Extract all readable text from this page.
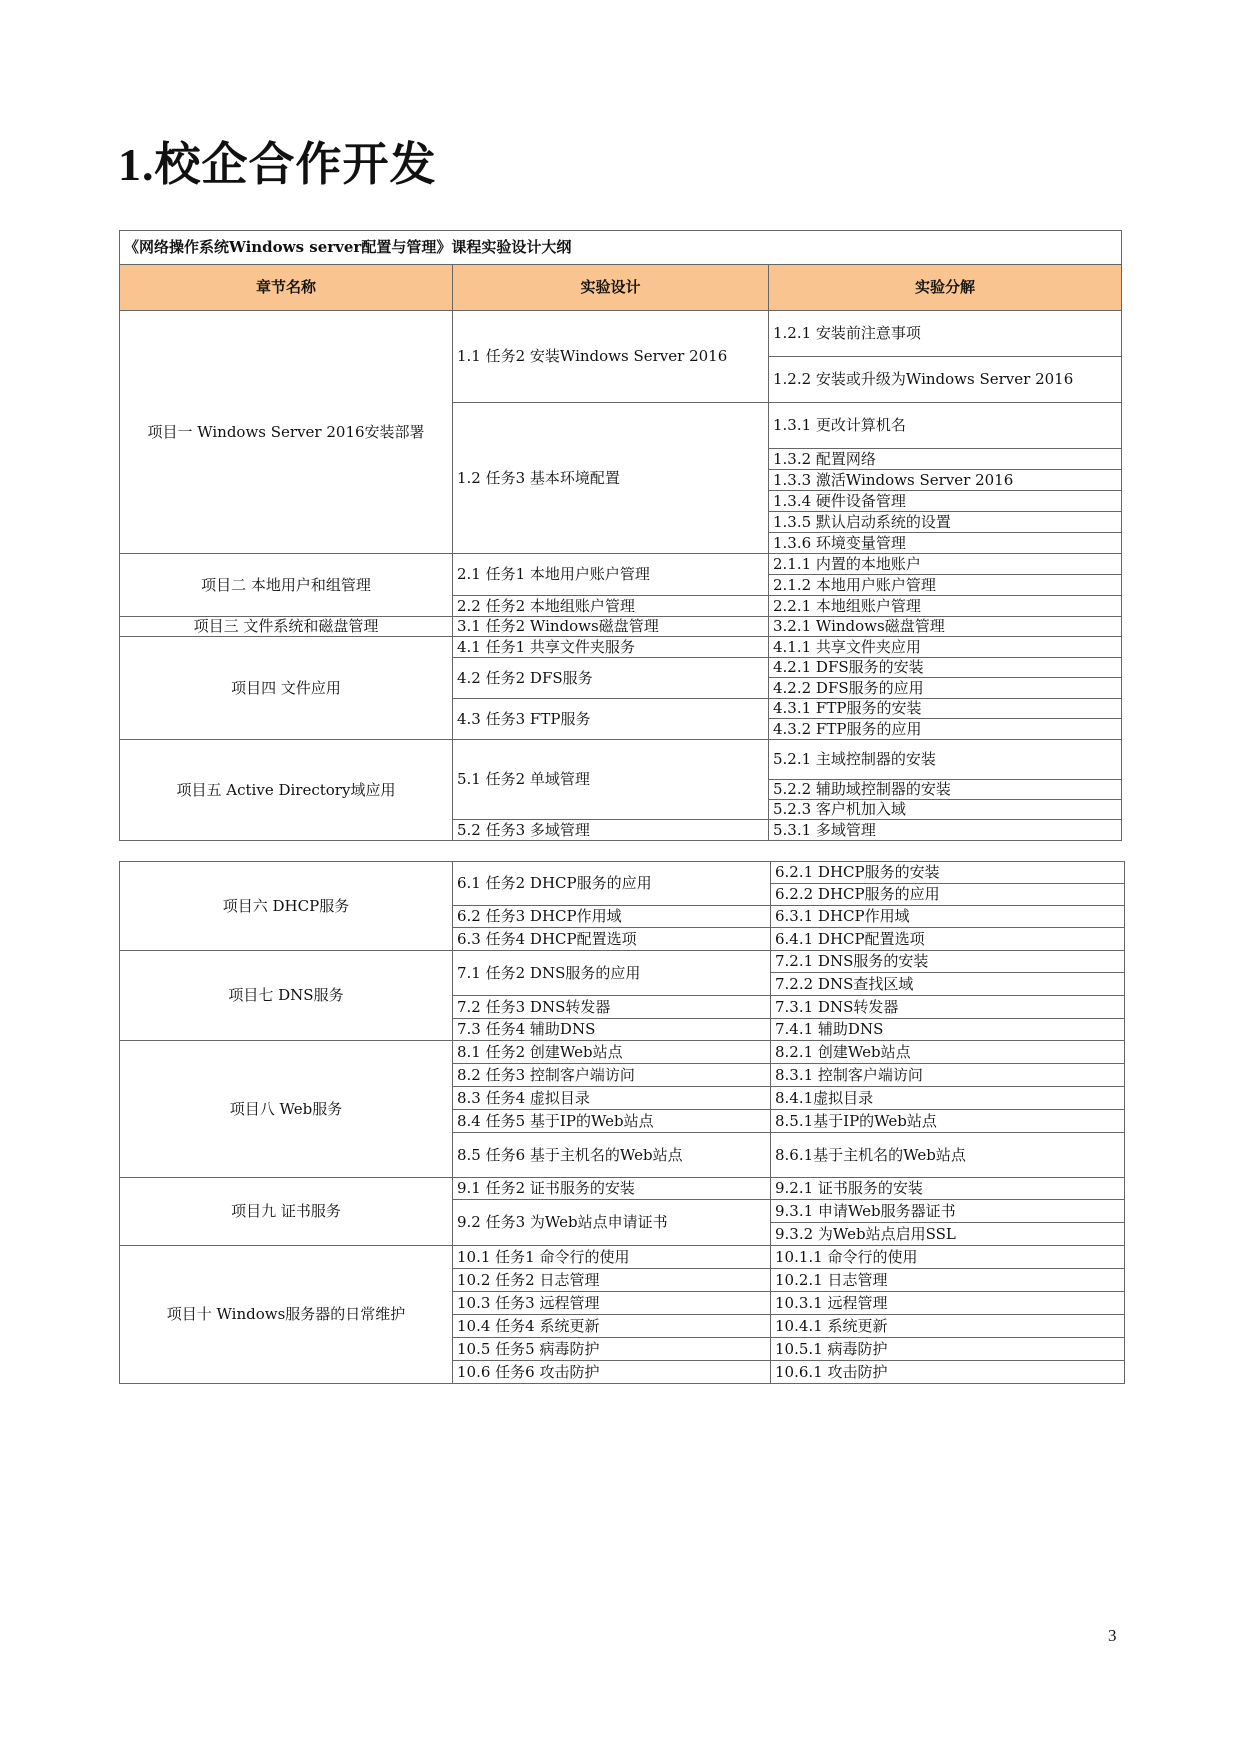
1.校企合作开发
《网络操作系统Windows server配置与管理》课程实验设计大纲		
章节名称	实验设计	实验分解
项目一 Windows Server 2016安装部署	1.1 任务2 安装Windows Server 2016	1.2.1 安装前注意事项
		1.2.2 安装或升级为Windows Server 2016
	1.2 任务3 基本环境配置	1.3.1 更改计算机名
		1.3.2 配置网络
		1.3.3 激活Windows Server 2016
		1.3.4 硬件设备管理
		1.3.5 默认启动系统的设置
		1.3.6 环境变量管理
项目二 本地用户和组管理	2.1 任务1 本地用户账户管理	2.1.1 内置的本地账户
		2.1.2 本地用户账户管理
	2.2 任务2 本地组账户管理	2.2.1 本地组账户管理
项目三 文件系统和磁盘管理	3.1 任务2 Windows磁盘管理	3.2.1 Windows磁盘管理
项目四 文件应用	4.1 任务1 共享文件夹服务	4.1.1 共享文件夹应用
	4.2 任务2 DFS服务	4.2.1 DFS服务的安装
		4.2.2 DFS服务的应用
	4.3 任务3 FTP服务	4.3.1 FTP服务的安装
		4.3.2 FTP服务的应用
项目五 Active Directory域应用	5.1 任务2 单域管理	5.2.1 主域控制器的安装
		5.2.2 辅助域控制器的安装
		5.2.3 客户机加入域
	5.2 任务3 多域管理	5.3.1 多域管理
项目六 DHCP服务	6.1 任务2 DHCP服务的应用	6.2.1 DHCP服务的安装
		6.2.2 DHCP服务的应用
	6.2 任务3 DHCP作用域	6.3.1 DHCP作用域
	6.3 任务4 DHCP配置选项	6.4.1 DHCP配置选项
项目七 DNS服务	7.1 任务2 DNS服务的应用	7.2.1 DNS服务的安装
		7.2.2 DNS查找区域
	7.2 任务3 DNS转发器	7.3.1 DNS转发器
	7.3 任务4 辅助DNS	7.4.1 辅助DNS
项目八 Web服务	8.1 任务2 创建Web站点	8.2.1 创建Web站点
	8.2 任务3 控制客户端访问	8.3.1 控制客户端访问
	8.3 任务4 虚拟目录	8.4.1虚拟目录
	8.4 任务5 基于IP的Web站点	8.5.1基于IP的Web站点
	8.5 任务6 基于主机名的Web站点	8.6.1基于主机名的Web站点
项目九 证书服务	9.1 任务2 证书服务的安装	9.2.1 证书服务的安装
	9.2 任务3 为Web站点申请证书	9.3.1 申请Web服务器证书
		9.3.2 为Web站点启用SSL
项目十 Windows服务器的日常维护	10.1 任务1 命令行的使用	10.1.1 命令行的使用
	10.2 任务2 日志管理	10.2.1 日志管理
	10.3 任务3 远程管理	10.3.1 远程管理
	10.4 任务4 系统更新	10.4.1 系统更新
	10.5 任务5 病毒防护	10.5.1 病毒防护
	10.6 任务6 攻击防护	10.6.1 攻击防护
3
